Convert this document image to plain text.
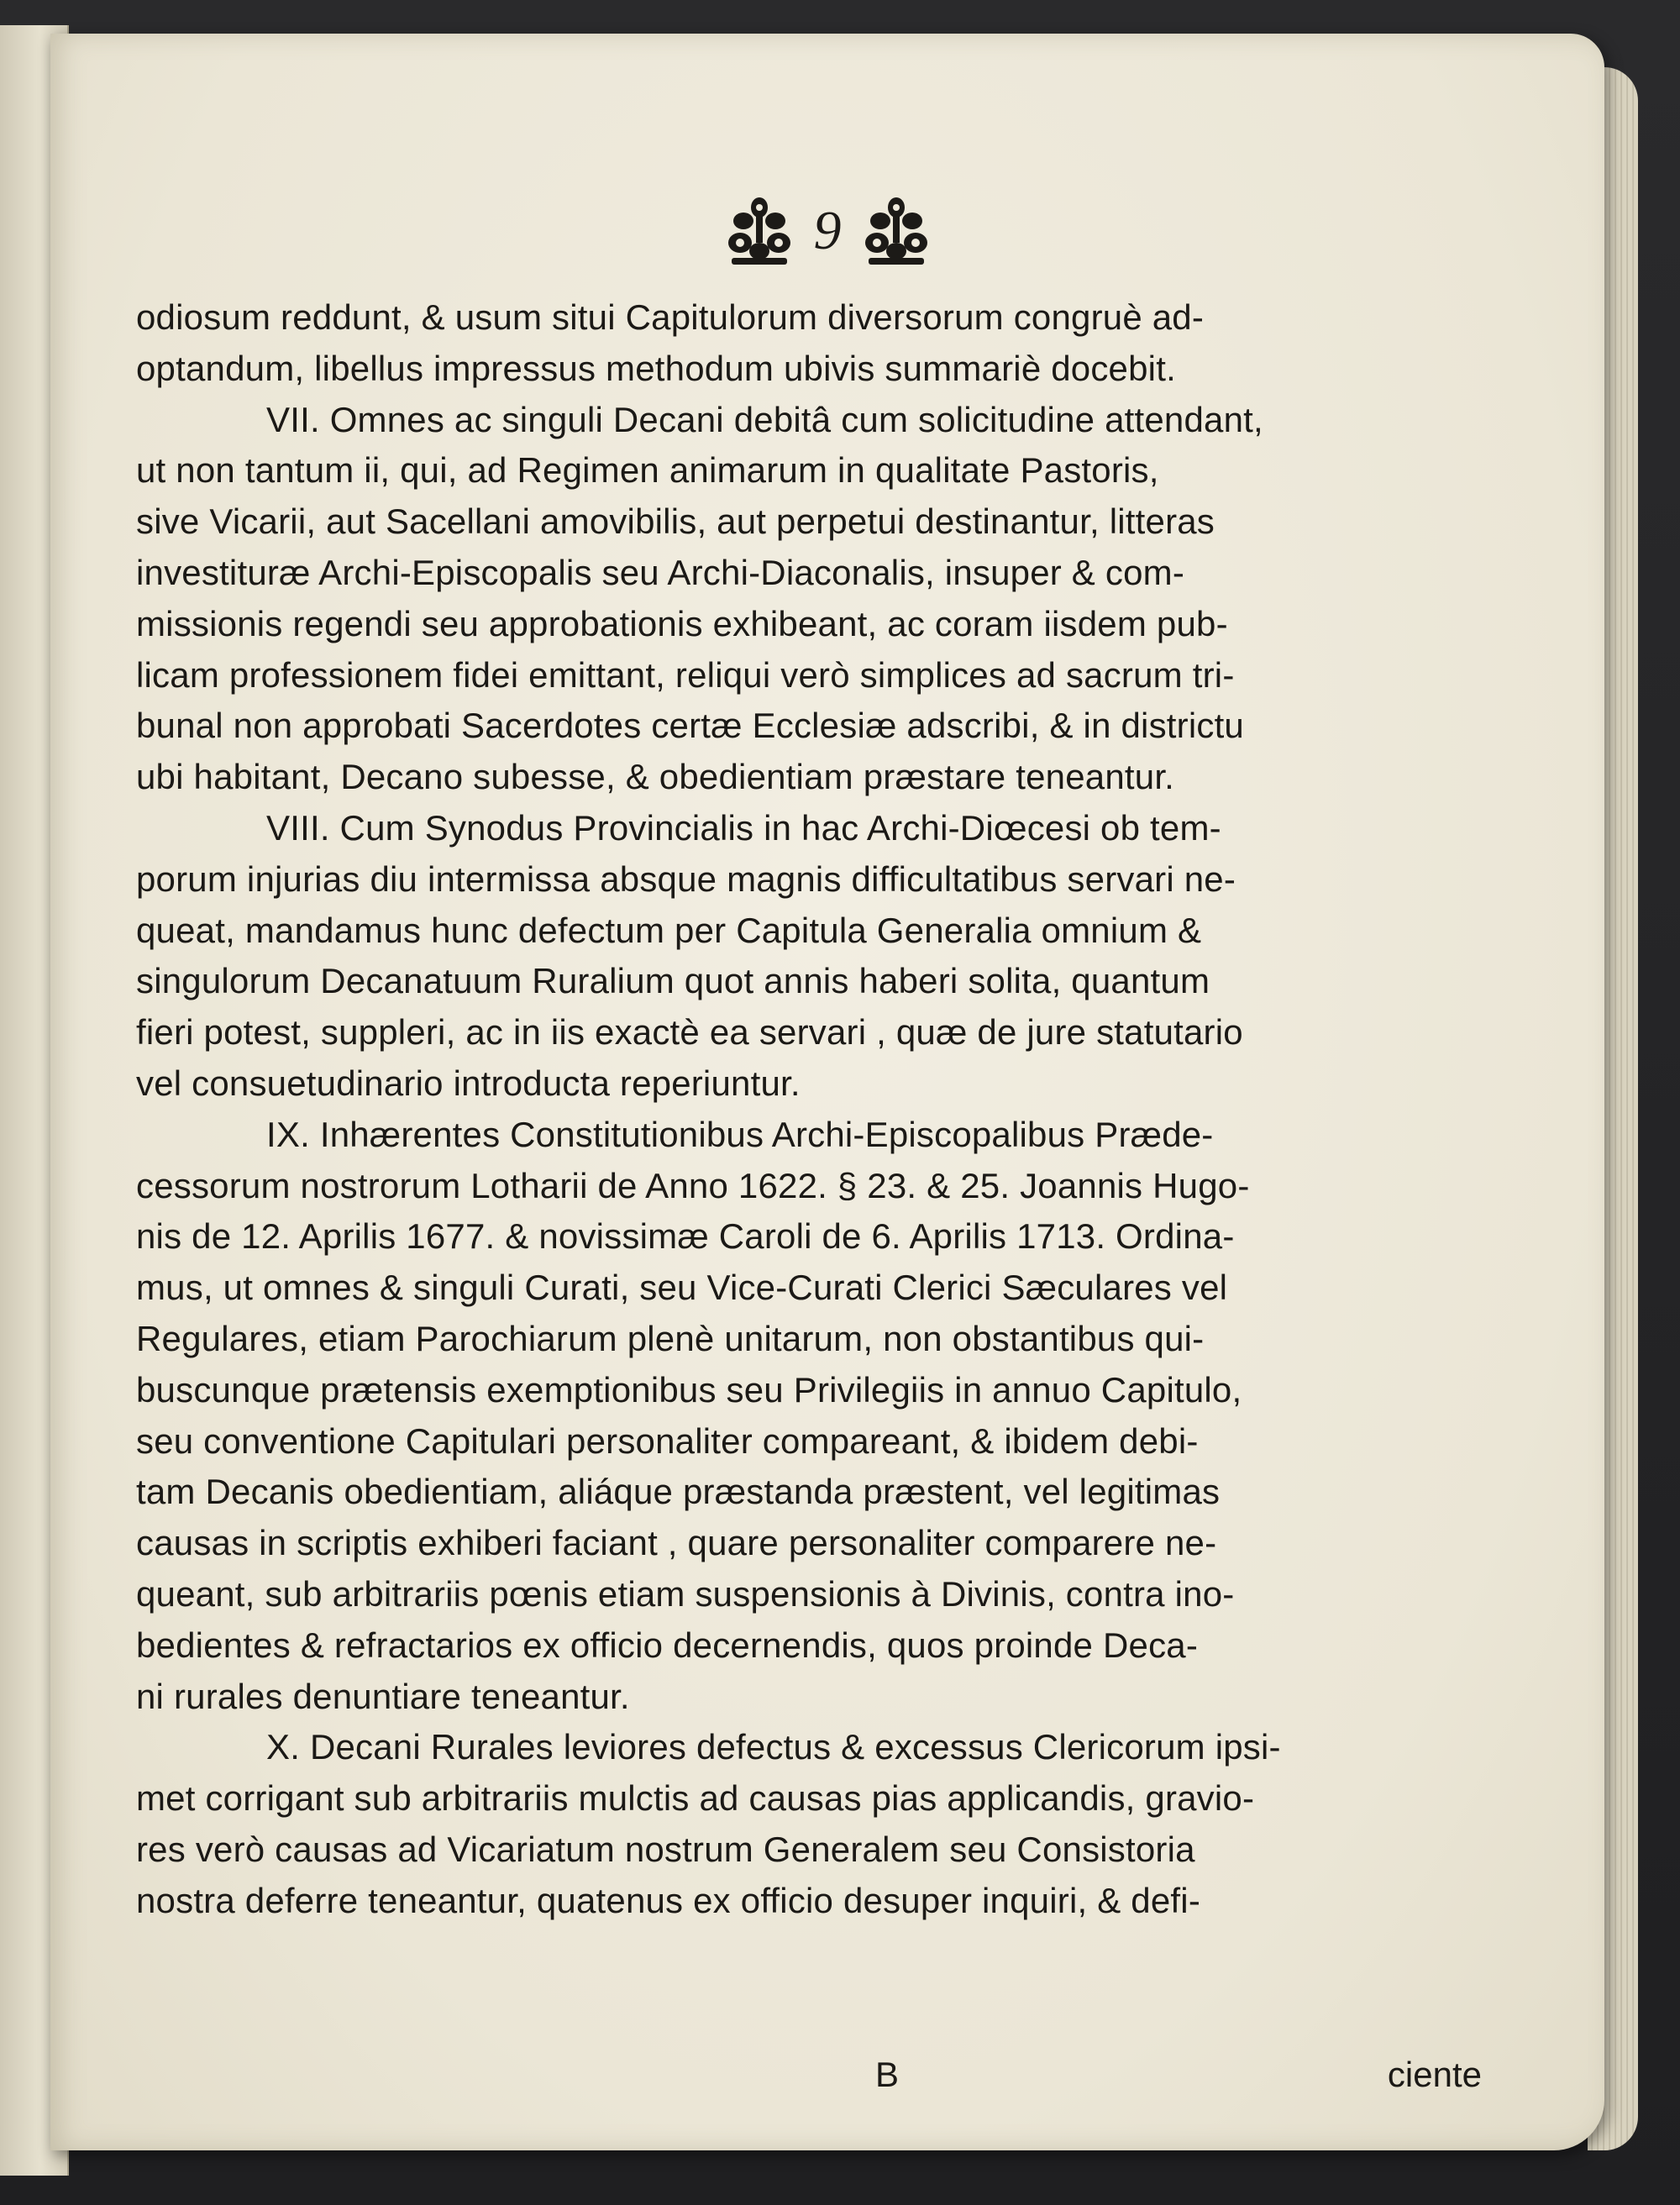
9
odiosum reddunt, & usum situi Capitulorum diversorum congruè ad-
optandum, libellus impressus methodum ubivis summariè docebit.
VII. Omnes ac singuli Decani debitâ cum solicitudine attendant,
ut non tantum ii, qui, ad Regimen animarum in qualitate Pastoris,
sive Vicarii, aut Sacellani amovibilis, aut perpetui destinantur, litteras
investituræ Archi-Episcopalis seu Archi-Diaconalis, insuper & com-
missionis regendi seu approbationis exhibeant, ac coram iisdem pub-
licam professionem fidei emittant, reliqui verò simplices ad sacrum tri-
bunal non approbati Sacerdotes certæ Ecclesiæ adscribi, & in districtu
ubi habitant, Decano subesse, & obedientiam præstare teneantur.
VIII. Cum Synodus Provincialis in hac Archi-Diœcesi ob tem-
porum injurias diu intermissa absque magnis difficultatibus servari ne-
queat, mandamus hunc defectum per Capitula Generalia omnium &
singulorum Decanatuum Ruralium quot annis haberi solita, quantum
fieri potest, suppleri, ac in iis exactè ea servari , quæ de jure statutario
vel consuetudinario introducta reperiuntur.
IX. Inhærentes Constitutionibus Archi-Episcopalibus Præde-
cessorum nostrorum Lotharii de Anno 1622. § 23. & 25. Joannis Hugo-
nis de 12. Aprilis 1677. & novissimæ Caroli de 6. Aprilis 1713. Ordina-
mus, ut omnes & singuli Curati, seu Vice-Curati Clerici Sæculares vel
Regulares, etiam Parochiarum plenè unitarum, non obstantibus qui-
buscunque prætensis exemptionibus seu Privilegiis in annuo Capitulo,
seu conventione Capitulari personaliter compareant, & ibidem debi-
tam Decanis obedientiam, aliáque præstanda præstent, vel legitimas
causas in scriptis exhiberi faciant , quare personaliter comparere ne-
queant, sub arbitrariis pœnis etiam suspensionis à Divinis, contra ino-
bedientes & refractarios ex officio decernendis, quos proinde Deca-
ni rurales denuntiare teneantur.
X. Decani Rurales leviores defectus & excessus Clericorum ipsi-
met corrigant sub arbitrariis mulctis ad causas pias applicandis, gravio-
res verò causas ad Vicariatum nostrum Generalem seu Consistoria
nostra deferre teneantur, quatenus ex officio desuper inquiri, & defi-
B	ciente
